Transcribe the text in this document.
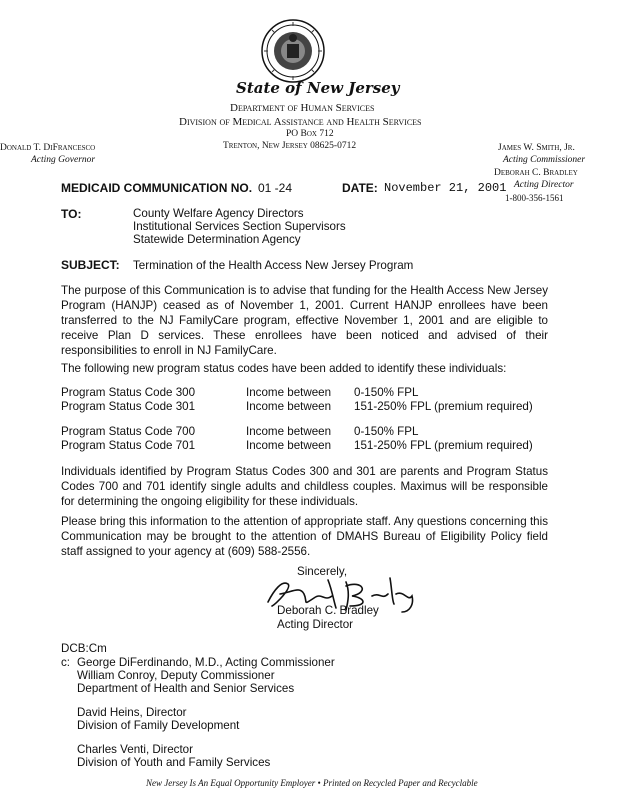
State of New Jersey
Department of Human Services
Division of Medical Assistance and Health Services
PO Box 712
Trenton, New Jersey 08625-0712
Donald T. DiFrancesco
Acting Governor
James W. Smith, Jr.
Acting Commissioner
Deborah C. Bradley
Acting Director
1-800-356-1561
MEDICAID COMMUNICATION NO. 01 -24	DATE: November 21, 2001
TO:	County Welfare Agency Directors
Institutional Services Section Supervisors
Statewide Determination Agency
SUBJECT: Termination of the Health Access New Jersey Program
The purpose of this Communication is to advise that funding for the Health Access New Jersey Program (HANJP) ceased as of November 1, 2001. Current HANJP enrollees have been transferred to the NJ FamilyCare program, effective November 1, 2001 and are eligible to receive Plan D services. These enrollees have been noticed and advised of their responsibilities to enroll in NJ FamilyCare.
The following new program status codes have been added to identify these individuals:
Program Status Code 300	Income between 0-150% FPL
Program Status Code 301	Income between 151-250% FPL (premium required)
Program Status Code 700	Income between 0-150% FPL
Program Status Code 701	Income between 151-250% FPL (premium required)
Individuals identified by Program Status Codes 300 and 301 are parents and Program Status Codes 700 and 701 identify single adults and childless couples. Maximus will be responsible for determining the ongoing eligibility for these individuals.
Please bring this information to the attention of appropriate staff. Any questions concerning this Communication may be brought to the attention of DMAHS Bureau of Eligibility Policy field staff assigned to your agency at (609) 588-2556.
Sincerely,
Deborah C. Bradley
Acting Director
DCB:Cm
c: George DiFerdinando, M.D., Acting Commissioner
William Conroy, Deputy Commissioner
Department of Health and Senior Services
David Heins, Director
Division of Family Development
Charles Venti, Director
Division of Youth and Family Services
New Jersey Is An Equal Opportunity Employer • Printed on Recycled Paper and Recyclable
